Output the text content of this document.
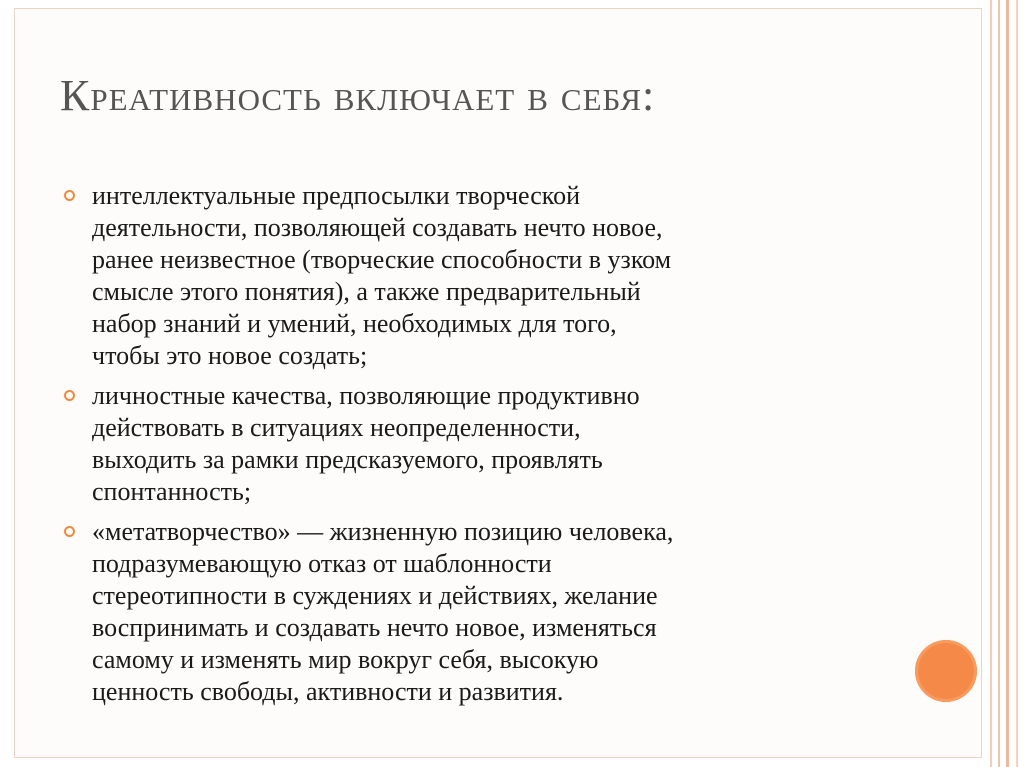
Креативность включает в себя:
интеллектуальные предпосылки творческой
деятельности, позволяющей создавать нечто новое,
ранее неизвестное (творческие способности в узком
смысле этого понятия), а также предварительный
набор знаний и умений, необходимых для того,
чтобы это новое создать;
личностные качества, позволяющие продуктивно
действовать в ситуациях неопределенности,
выходить за рамки предсказуемого, проявлять
спонтанность;
«метатворчество» — жизненную позицию человека,
подразумевающую отказ от шаблонности
стереотипности в суждениях и действиях, желание
воспринимать и создавать нечто новое, изменяться
самому и изменять мир вокруг себя, высокую
ценность свободы, активности и развития.
